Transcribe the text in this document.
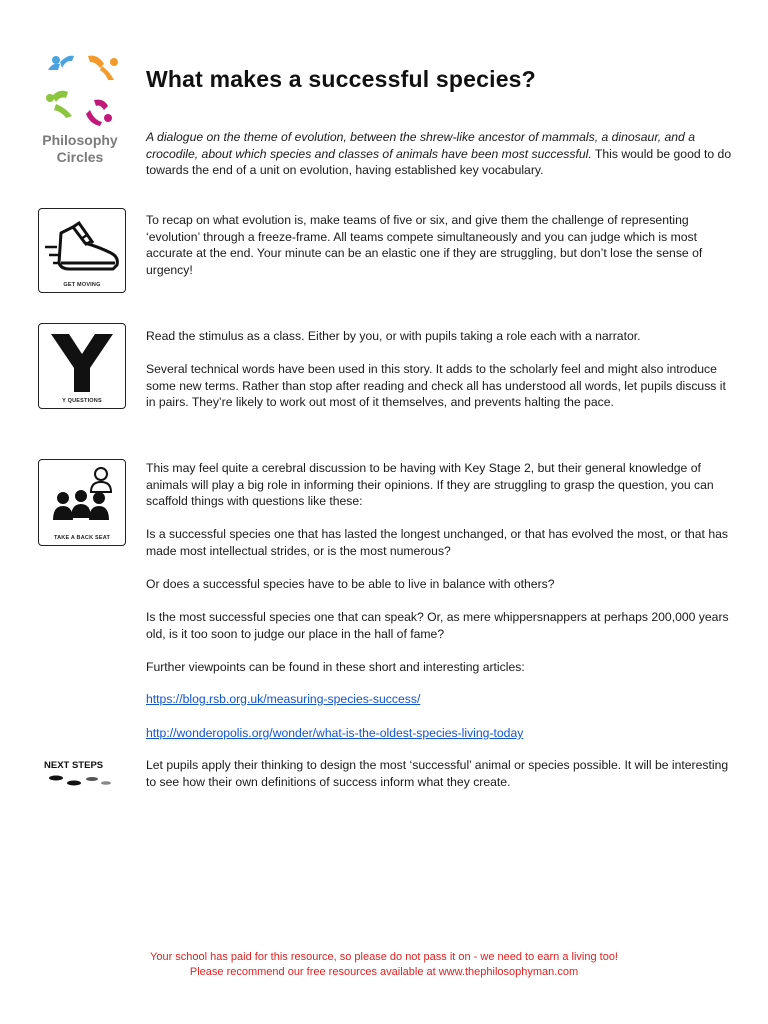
Philosophy
Circles
What makes a successful species?

A dialogue on the theme of evolution, between the shrew-like ancestor of mammals, a dinosaur, and a crocodile, about which species and classes of animals have been most successful. This would be good to do towards the end of a unit on evolution, having established key vocabulary.

GET MOVING

To recap on what evolution is, make teams of five or six, and give them the challenge of representing ‘evolution’ through a freeze-frame. All teams compete simultaneously and you can judge which is most accurate at the end. Your minute can be an elastic one if they are struggling, but don’t lose the sense of urgency!

Y QUESTIONS

Read the stimulus as a class. Either by you, or with pupils taking a role each with a narrator.

Several technical words have been used in this story. It adds to the scholarly feel and might also introduce some new terms. Rather than stop after reading and check all has understood all words, let pupils discuss it in pairs. They’re likely to work out most of it themselves, and prevents halting the pace.

TAKE A BACK SEAT

This may feel quite a cerebral discussion to be having with Key Stage 2, but their general knowledge of animals will play a big role in informing their opinions. If they are struggling to grasp the question, you can scaffold things with questions like these:

Is a successful species one that has lasted the longest unchanged, or that has evolved the most, or that has made most intellectual strides, or is the most numerous?

Or does a successful species have to be able to live in balance with others?

Is the most successful species one that can speak? Or, as mere whippersnappers at perhaps 200,000 years old, is it too soon to judge our place in the hall of fame?

Further viewpoints can be found in these short and interesting articles:

https://blog.rsb.org.uk/measuring-species-success/

http://wonderopolis.org/wonder/what-is-the-oldest-species-living-today

NEXT STEPS	Let pupils apply their thinking to design the most ‘successful’ animal or species possible. It will be interesting to see how their own definitions of success inform what they create.

Your school has paid for this resource, so please do not pass it on - we need to earn a living too!
Please recommend our free resources available at www.thephilosophyman.com
